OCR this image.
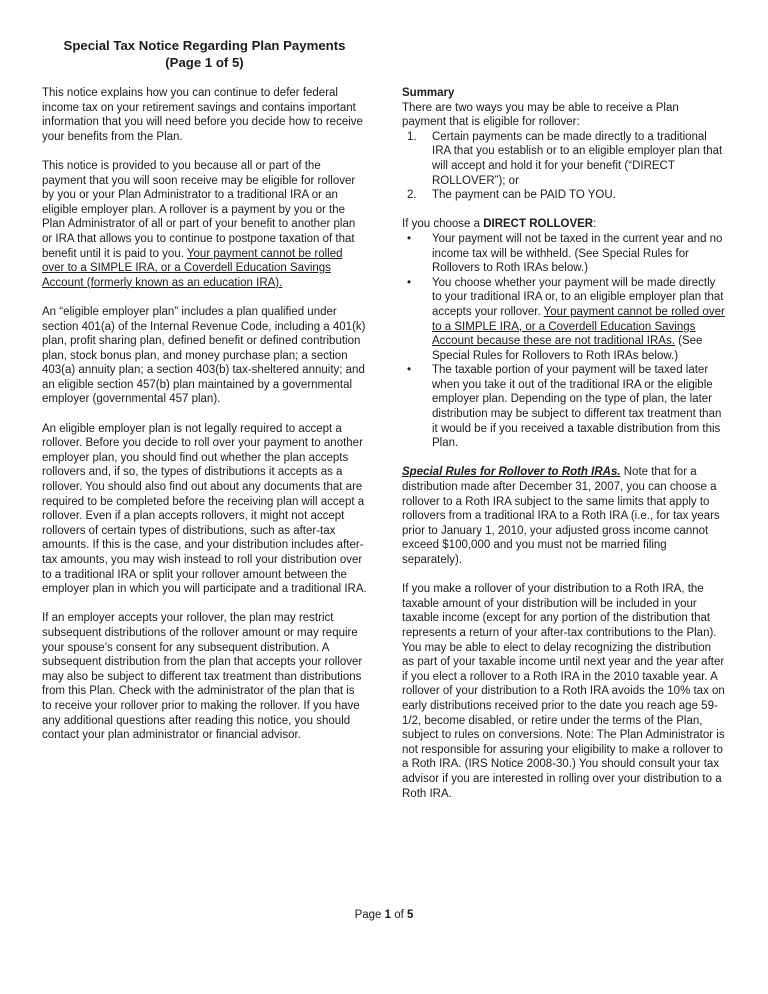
Special Tax Notice Regarding Plan Payments
(Page 1 of 5)

This notice explains how you can continue to defer federal income tax on your retirement savings and contains important information that you will need before you decide how to receive your benefits from the Plan.

This notice is provided to you because all or part of the payment that you will soon receive may be eligible for rollover by you or your Plan Administrator to a traditional IRA or an eligible employer plan. A rollover is a payment by you or the Plan Administrator of all or part of your benefit to another plan or IRA that allows you to continue to postpone taxation of that benefit until it is paid to you. Your payment cannot be rolled over to a SIMPLE IRA, or a Coverdell Education Savings Account (formerly known as an education IRA).

An “eligible employer plan” includes a plan qualified under section 401(a) of the Internal Revenue Code, including a 401(k) plan, profit sharing plan, defined benefit or defined contribution plan, stock bonus plan, and money purchase plan; a section 403(a) annuity plan; a section 403(b) tax-sheltered annuity; and an eligible section 457(b) plan maintained by a governmental employer (governmental 457 plan).

An eligible employer plan is not legally required to accept a rollover. Before you decide to roll over your payment to another employer plan, you should find out whether the plan accepts rollovers and, if so, the types of distributions it accepts as a rollover. You should also find out about any documents that are required to be completed before the receiving plan will accept a rollover. Even if a plan accepts rollovers, it might not accept rollovers of certain types of distributions, such as after-tax amounts. If this is the case, and your distribution includes after-tax amounts, you may wish instead to roll your distribution over to a traditional IRA or split your rollover amount between the employer plan in which you will participate and a traditional IRA.

If an employer accepts your rollover, the plan may restrict subsequent distributions of the rollover amount or may require your spouse’s consent for any subsequent distribution. A subsequent distribution from the plan that accepts your rollover may also be subject to different tax treatment than distributions from this Plan. Check with the administrator of the plan that is to receive your rollover prior to making the rollover. If you have any additional questions after reading this notice, you should contact your plan administrator or financial advisor.

Summary

There are two ways you may be able to receive a Plan payment that is eligible for rollover:

1.	Certain payments can be made directly to a traditional IRA that you establish or to an eligible employer plan that will accept and hold it for your benefit (“DIRECT ROLLOVER”); or
2.	The payment can be PAID TO YOU.

If you choose a DIRECT ROLLOVER:

•	Your payment will not be taxed in the current year and no income tax will be withheld. (See Special Rules for Rollovers to Roth IRAs below.)
•	You choose whether your payment will be made directly to your traditional IRA or, to an eligible employer plan that accepts your rollover. Your payment cannot be rolled over to a SIMPLE IRA, or a Coverdell Education Savings Account because these are not traditional IRAs. (See Special Rules for Rollovers to Roth IRAs below.)
•	The taxable portion of your payment will be taxed later when you take it out of the traditional IRA or the eligible employer plan. Depending on the type of plan, the later distribution may be subject to different tax treatment than it would be if you received a taxable distribution from this Plan.

Special Rules for Rollover to Roth IRAs. Note that for a distribution made after December 31, 2007, you can choose a rollover to a Roth IRA subject to the same limits that apply to rollovers from a traditional IRA to a Roth IRA (i.e., for tax years prior to January 1, 2010, your adjusted gross income cannot exceed $100,000 and you must not be married filing separately).

If you make a rollover of your distribution to a Roth IRA, the taxable amount of your distribution will be included in your taxable income (except for any portion of the distribution that represents a return of your after-tax contributions to the Plan). You may be able to elect to delay recognizing the distribution as part of your taxable income until next year and the year after if you elect a rollover to a Roth IRA in the 2010 taxable year. A rollover of your distribution to a Roth IRA avoids the 10% tax on early distributions received prior to the date you reach age 59-1/2, become disabled, or retire under the terms of the Plan, subject to rules on conversions. Note: The Plan Administrator is not responsible for assuring your eligibility to make a rollover to a Roth IRA. (IRS Notice 2008-30.) You should consult your tax advisor if you are interested in rolling over your distribution to a Roth IRA.

Page 1 of 5
